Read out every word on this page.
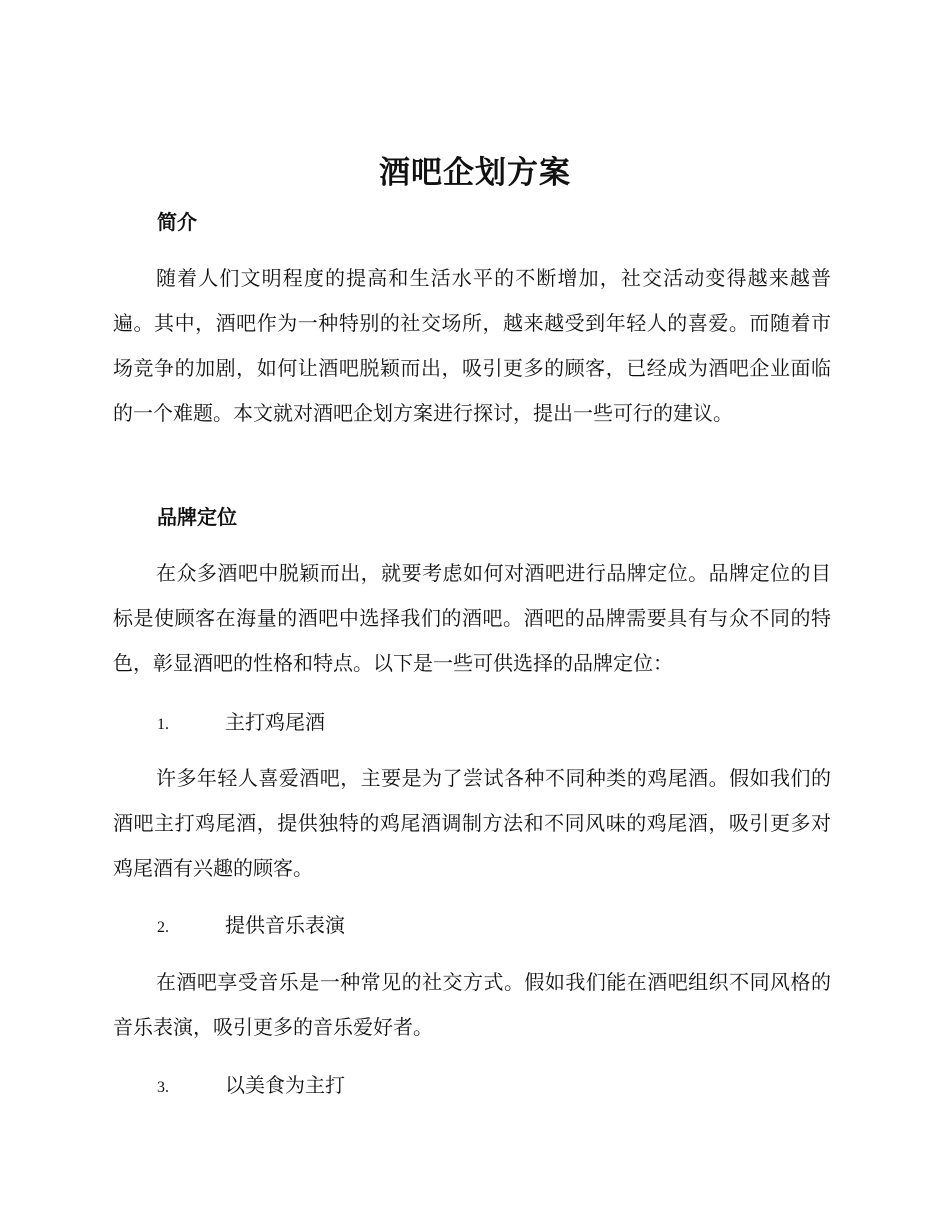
酒吧企划方案
简介

随着人们文明程度的提高和生活水平的不断增加，社交活动变得越来越普遍。其中，酒吧作为一种特别的社交场所，越来越受到年轻人的喜爱。而随着市场竞争的加剧，如何让酒吧脱颖而出，吸引更多的顾客，已经成为酒吧企业面临的一个难题。本文就对酒吧企划方案进行探讨，提出一些可行的建议。

品牌定位

在众多酒吧中脱颖而出，就要考虑如何对酒吧进行品牌定位。品牌定位的目标是使顾客在海量的酒吧中选择我们的酒吧。酒吧的品牌需要具有与众不同的特色，彰显酒吧的性格和特点。以下是一些可供选择的品牌定位：

1.	主打鸡尾酒

许多年轻人喜爱酒吧，主要是为了尝试各种不同种类的鸡尾酒。假如我们的酒吧主打鸡尾酒，提供独特的鸡尾酒调制方法和不同风味的鸡尾酒，吸引更多对鸡尾酒有兴趣的顾客。

2.	提供音乐表演

在酒吧享受音乐是一种常见的社交方式。假如我们能在酒吧组织不同风格的音乐表演，吸引更多的音乐爱好者。

3.	以美食为主打
